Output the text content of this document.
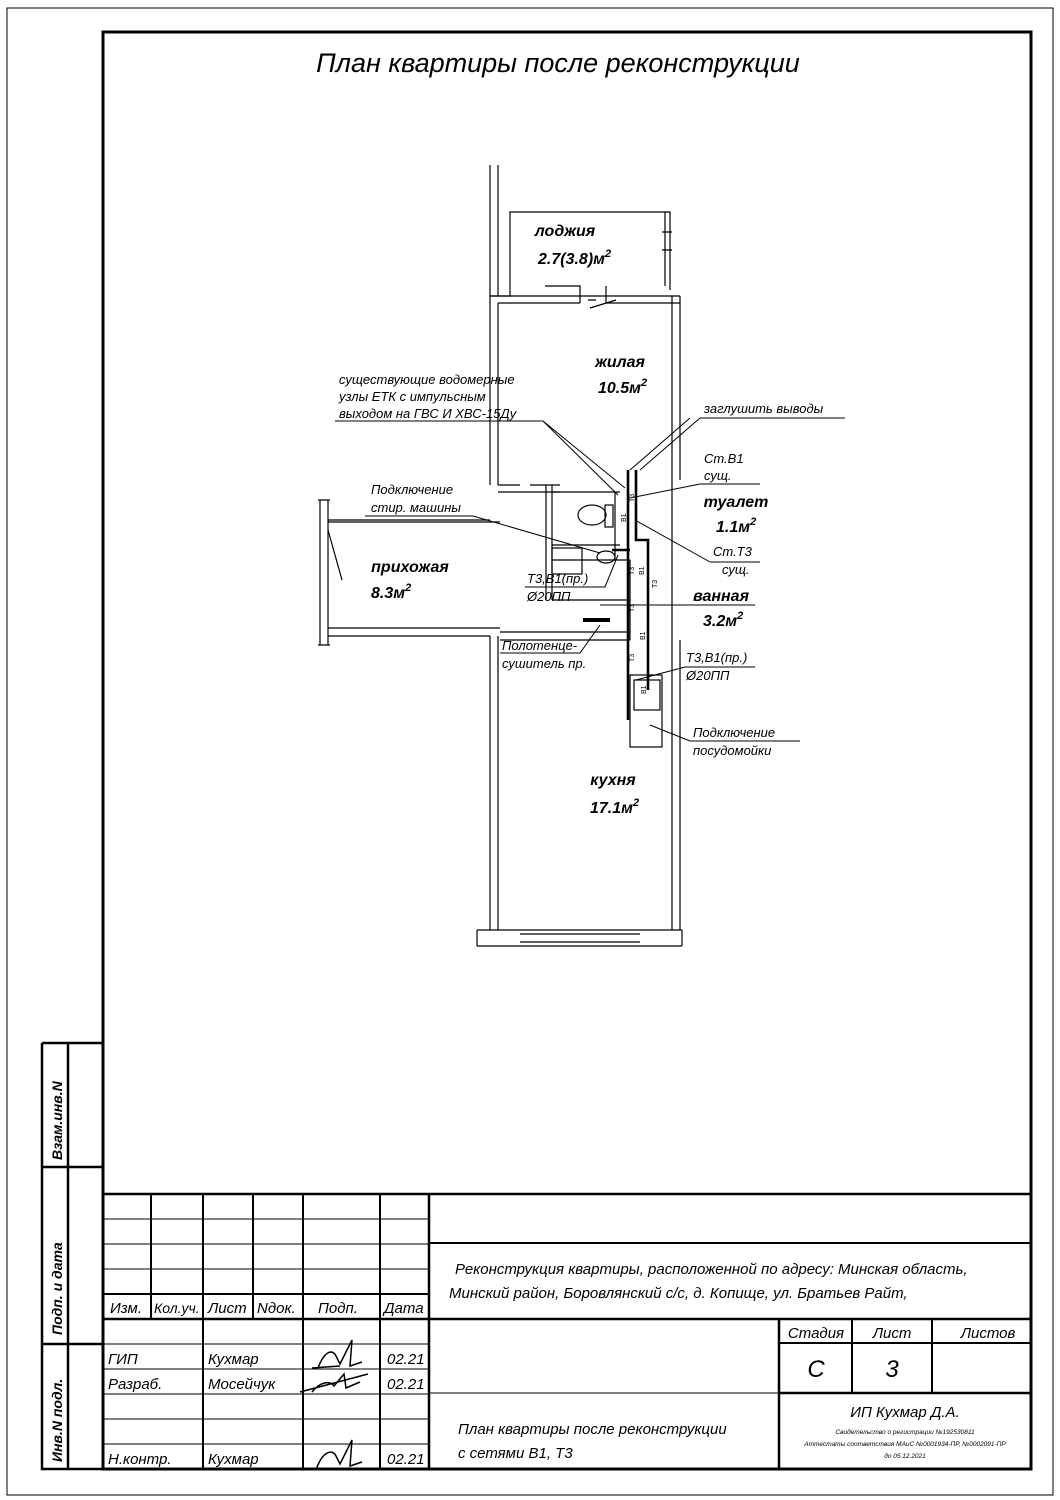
План квартиры после реконструкции
Т3
В1
Т3 В1
Т3
Т3
В1
Т3
В1
лоджия
$2.7(3.8)м^2$
жилая
$10.5м^2$
туалет
$1.1м^2$
прихожая
$8.3м^2$	ванная
$3.2м^2$
кухня
$17.1м^2$
существующие водомерные
узлы ЕТК с импульсным
выходом на ГВС И ХВС-15Ду	заглушить выводы
Ст.В1
сущ.
Подключение
стир. машины
Ст.Т3
сущ.
Т3,В1(пр.)
Ø20ПП
Полотенце-
сушитель пр.	Т3,В1(пр.)
Ø20ПП
Подключение
посудомойки
Взам.инв.N
Подп. и дата
Инв.N подл.
Изм. Кол.уч. Лист Nдок. Подп. Дата
ГИП	Кухмар	02.21
Разраб.	Мосейчук	02.21
Н.контр. Кухмар	02.21
Реконструкция квартиры, расположенной по адресу: Минская область,
Минский район, Боровлянский с/с, д. Копище, ул. Братьев Райт,
План квартиры после реконструкции
с сетями В1, Т3
Стадия Лист	Листов
С	3
ИП Кухмар Д.А.
Свидетельство о регистрации №192530811
Аттестаты соответствия МАиС №0001934-ПР, №0002091-ПР
до 05.12.2021
